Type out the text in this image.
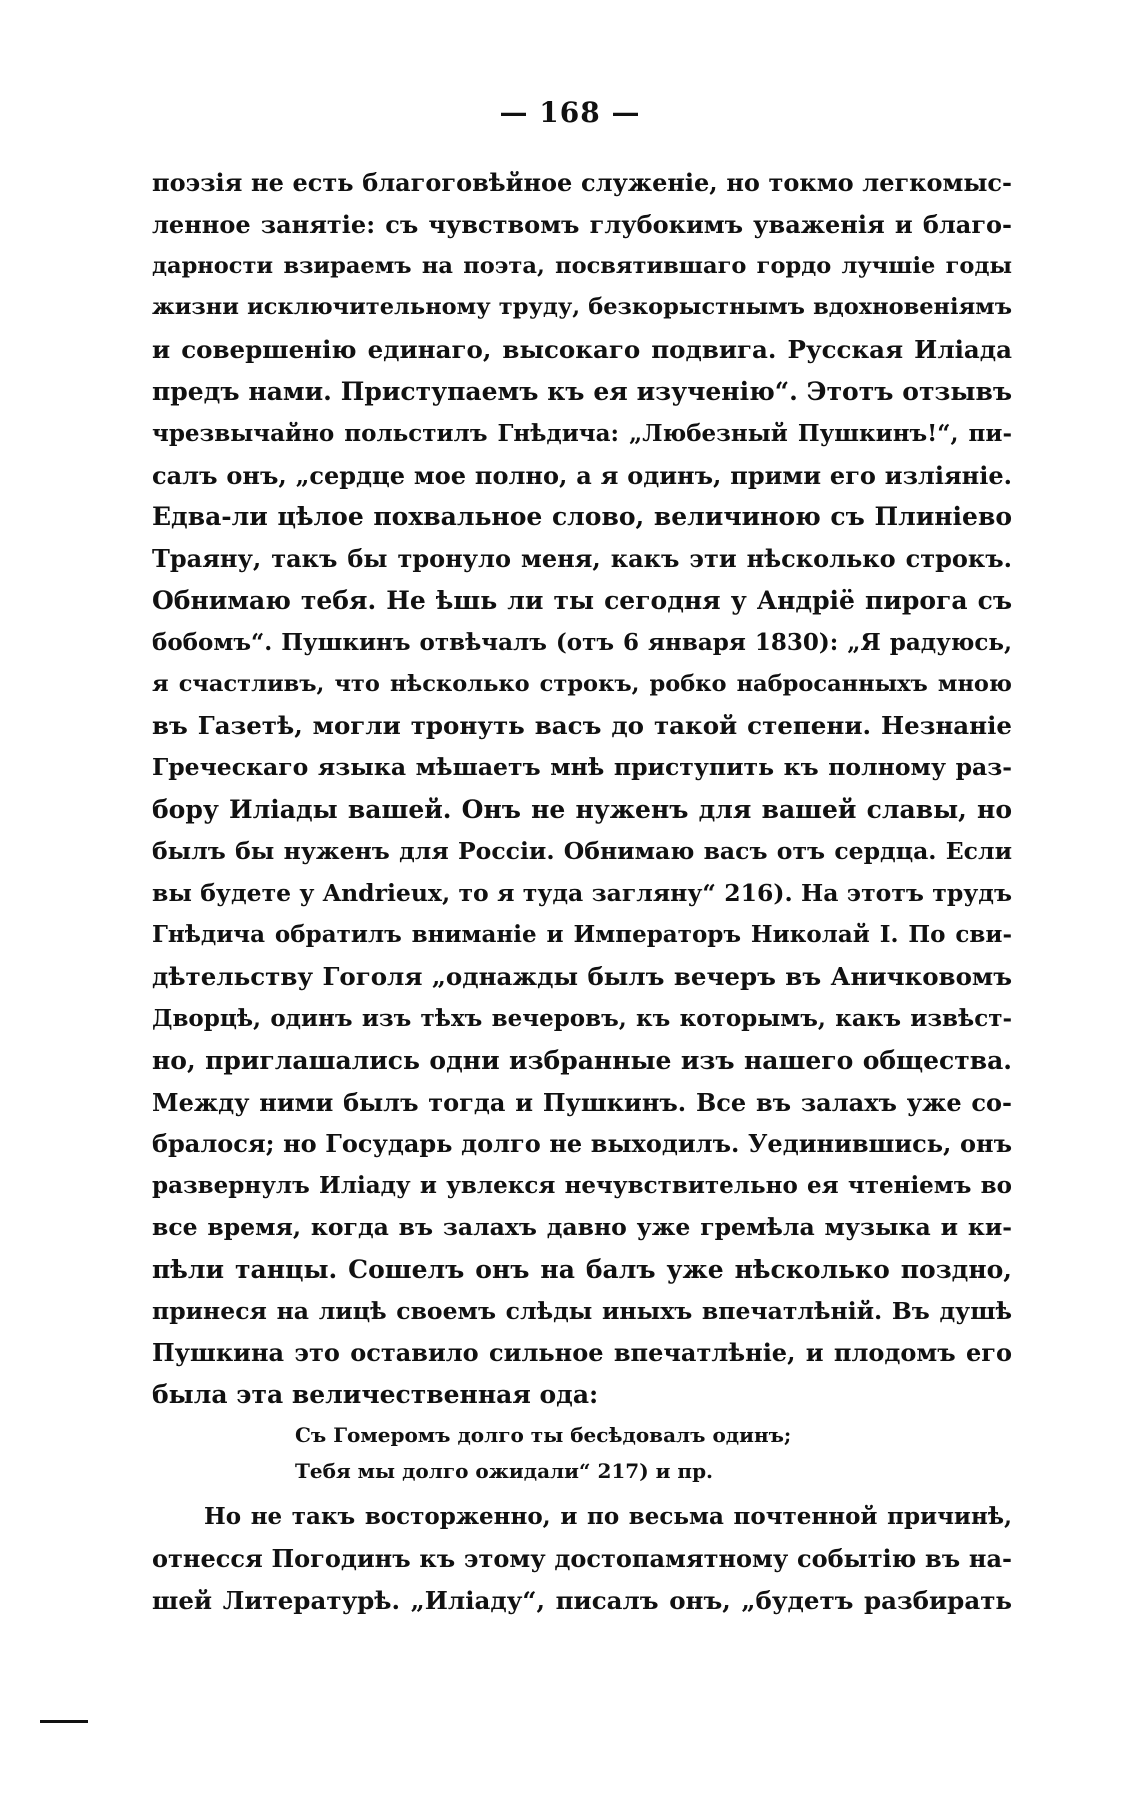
— 168 —
поэзія не есть благоговѣйное служеніе, но токмо легкомыс-
ленное занятіе: съ чувствомъ глубокимъ уваженія и благо-
дарности взираемъ на поэта, посвятившаго гордо лучшіе годы
жизни исключительному труду, безкорыстнымъ вдохновеніямъ
и совершенію единаго, высокаго подвига. Русская Иліада
предъ нами. Приступаемъ къ ея изученію“. Этотъ отзывъ
чрезвычайно польстилъ Гнѣдича: „Любезный Пушкинъ!“, пи-
салъ онъ, „сердце мое полно, а я одинъ, прими его изліяніе.
Едва-ли цѣлое похвальное слово, величиною съ Плиніево
Траяну, такъ бы тронуло меня, какъ эти нѣсколько строкъ.
Обнимаю тебя. Не ѣшь ли ты сегодня у Андріё пирога съ
бобомъ“. Пушкинъ отвѣчалъ (отъ 6 января 1830): „Я радуюсь,
я счастливъ, что нѣсколько строкъ, робко набросанныхъ мною
въ Газетѣ, могли тронуть васъ до такой степени. Незнаніе
Греческаго языка мѣшаетъ мнѣ приступить къ полному раз-
бору Иліады вашей. Онъ не нуженъ для вашей славы, но
былъ бы нуженъ для Россіи. Обнимаю васъ отъ сердца. Если
вы будете у Andrieux, то я туда загляну“ 216). На этотъ трудъ
Гнѣдича обратилъ вниманіе и Императоръ Николай I. По сви-
дѣтельству Гоголя „однажды былъ вечеръ въ Аничковомъ
Дворцѣ, одинъ изъ тѣхъ вечеровъ, къ которымъ, какъ извѣст-
но, приглашались одни избранные изъ нашего общества.
Между ними былъ тогда и Пушкинъ. Все въ залахъ уже со-
бралося; но Государь долго не выходилъ. Уединившись, онъ
развернулъ Иліаду и увлекся нечувствительно ея чтеніемъ во
все время, когда въ залахъ давно уже гремѣла музыка и ки-
пѣли танцы. Сошелъ онъ на балъ уже нѣсколько поздно,
принеся на лицѣ своемъ слѣды иныхъ впечатлѣній. Въ душѣ
Пушкина это оставило сильное впечатлѣніе, и плодомъ его
была эта величественная ода:
Съ Гомеромъ долго ты бесѣдовалъ одинъ;
Тебя мы долго ожидали“ 217) и пр.
Но не такъ восторженно, и по весьма почтенной причинѣ,
отнесся Погодинъ къ этому достопамятному событію въ на-
шей Литературѣ. „Иліаду“, писалъ онъ, „будетъ разбирать
